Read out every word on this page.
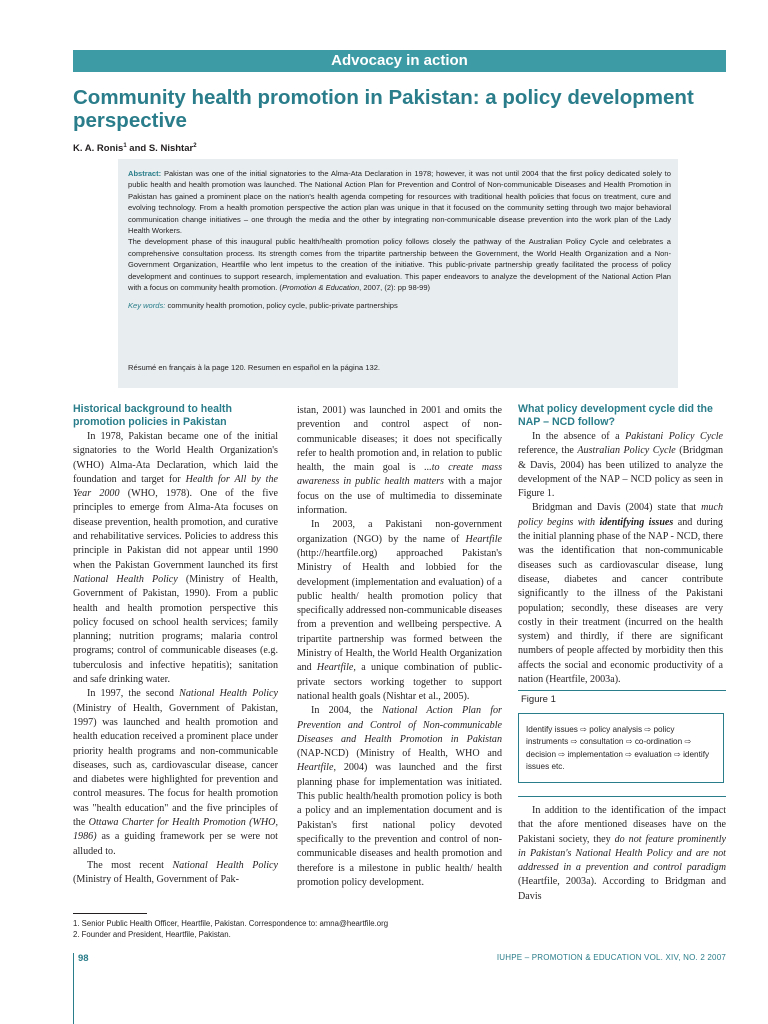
Advocacy in action
Community health promotion in Pakistan: a policy development perspective
K. A. Ronis$^1$ and S. Nishtar$^2$

Abstract: Pakistan was one of the initial signatories to the Alma-Ata Declaration in 1978; however, it was not until 2004 that the first policy dedicated solely to public health and health promotion was launched. The National Action Plan for Prevention and Control of Non-communicable Diseases and Health Promotion in Pakistan has gained a prominent place on the nation's health agenda competing for resources with traditional health policies that focus on treatment, cure and evolving technology. From a health promotion perspective the action plan was unique in that it focused on the community setting through two major behavioral communication change initiatives – one through the media and the other by integrating non-communicable disease prevention into the work plan of the Lady Health Workers.

The development phase of this inaugural public health/health promotion policy follows closely the pathway of the Australian Policy Cycle and celebrates a comprehensive consultation process. Its strength comes from the tripartite partnership between the Government, the World Health Organization and a Non-Government Organization, Heartfile who lent impetus to the creation of the initiative. This public-private partnership greatly facilitated the process of policy development and continues to support research, implementation and evaluation. This paper endeavors to analyze the development of the National Action Plan with a focus on community health promotion. (Promotion & Education, 2007, (2): pp 98-99)

Key words: community health promotion, policy cycle, public-private partnerships

Résumé en français à la page 120. Resumen en español en la página 132.
Historical background to health promotion policies in Pakistan

In 1978, Pakistan became one of the initial signatories to the World Health Organization's (WHO) Alma-Ata Declaration, which laid the foundation and target for Health for All by the Year 2000 (WHO, 1978). One of the five principles to emerge from Alma-Ata focuses on disease prevention, health promotion, and curative and rehabilitative services. Policies to address this principle in Pakistan did not appear until 1990 when the Pakistan Government launched its first National Health Policy (Ministry of Health, Government of Pakistan, 1990). From a public health and health promotion perspective this policy focused on school health services; family planning; nutrition programs; malaria control programs; control of communicable diseases (e.g. tuberculosis and infective hepatitis); sanitation and safe drinking water.

In 1997, the second National Health Policy (Ministry of Health, Government of Pakistan, 1997) was launched and health promotion and health education received a prominent place under priority health programs and non-communicable diseases, such as, cardiovascular disease, cancer and diabetes were highlighted for prevention and control measures. The focus for health promotion was "health education" and the five principles of the Ottawa Charter for Health Promotion (WHO, 1986) as a guiding framework per se were not alluded to.

The most recent National Health Policy (Ministry of Health, Government of Pak-

istan, 2001) was launched in 2001 and omits the prevention and control aspect of non-communicable diseases; it does not specifically refer to health promotion and, in relation to public health, the main goal is ...to create mass awareness in public health matters with a major focus on the use of multimedia to disseminate information.

In 2003, a Pakistani non-government organization (NGO) by the name of Heartfile (http://heartfile.org) approached Pakistan's Ministry of Health and lobbied for the development (implementation and evaluation) of a public health/ health promotion policy that specifically addressed non-communicable diseases from a prevention and wellbeing perspective. A tripartite partnership was formed between the Ministry of Health, the World Health Organization and Heartfile, a unique combination of public-private sectors working together to support national health goals (Nishtar et al., 2005).

In 2004, the National Action Plan for Prevention and Control of Non-communicable Diseases and Health Promotion in Pakistan (NAP-NCD) (Ministry of Health, WHO and Heartfile, 2004) was launched and the first planning phase for implementation was initiated. This public health/health promotion policy is both a policy and an implementation document and is Pakistan's first national policy devoted specifically to the prevention and control of non-communicable diseases and health promotion and therefore is a milestone in public health/ health promotion policy development.

What policy development cycle did the NAP – NCD follow?

In the absence of a Pakistani Policy Cycle reference, the Australian Policy Cycle (Bridgman & Davis, 2004) has been utilized to analyze the development of the NAP – NCD policy as seen in Figure 1.

Bridgman and Davis (2004) state that much policy begins with identifying issues and during the initial planning phase of the NAP - NCD, there was the identification that non-communicable diseases such as cardiovascular disease, lung disease, diabetes and cancer contribute significantly to the illness of the Pakistani population; secondly, these diseases are very costly in their treatment (incurred on the health system) and thirdly, if there are significant numbers of people affected by morbidity then this affects the social and economic productivity of a nation (Heartfile, 2003a).

Figure 1

Identify issues ⇨ policy analysis ⇨ policy instruments ⇨ consultation ⇨ co-ordination ⇨ decision ⇨ implementation ⇨ evaluation ⇨ identify issues etc.

In addition to the identification of the impact that the afore mentioned diseases have on the Pakistani society, they do not feature prominently in Pakistan's National Health Policy and are not addressed in a prevention and control paradigm (Heartfile, 2003a). According to Bridgman and Davis

1. Senior Public Health Officer, Heartfile, Pakistan. Correspondence to: amna@heartfile.org

2. Founder and President, Heartfile, Pakistan.

98	IUHPE – PROMOTION & EDUCATION VOL. XIV, NO. 2 2007
